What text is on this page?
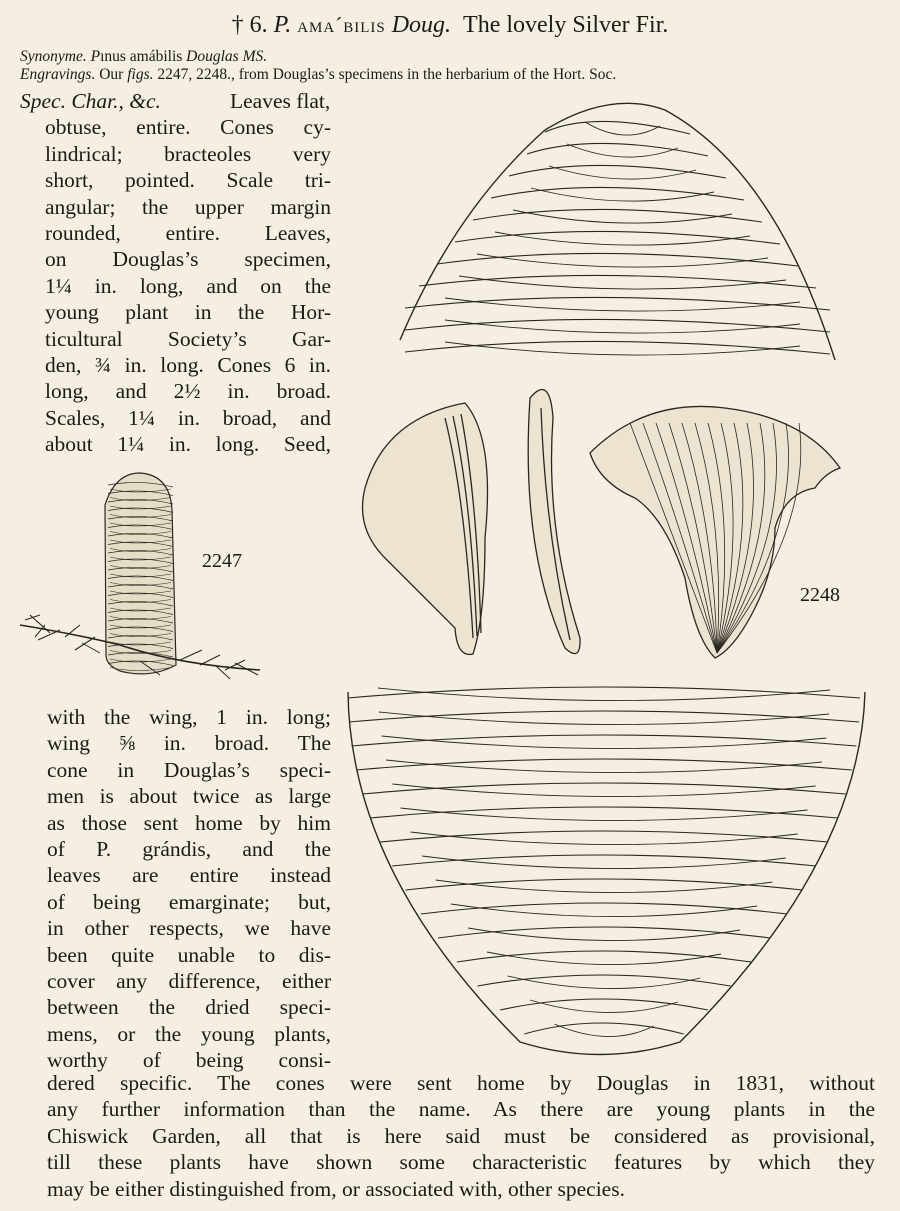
† 6. P. amaˊbilis Doug. The lovely Silver Fir.
Synonyme. Pınus amábilis Douglas MS.
Engravings. Our figs. 2247, 2248., from Douglas’s specimens in the herbarium of the Hort. Soc.
Spec. Char., &c.	Leaves flat,
obtuse, entire. Cones cy-
lindrical; bracteoles very
short, pointed. Scale tri-
angular; the upper margin
rounded, entire. Leaves,
on Douglas’s specimen,
1¼ in. long, and on the
young plant in the Hor-
ticultural Society’s Gar-
den, ¾ in. long. Cones 6 in.
long, and 2½ in. broad.
Scales, 1¼ in. broad, and
about 1¼ in. long. Seed,
with the wing, 1 in. long;
wing ⅝ in. broad. The
cone in Douglas’s speci-
men is about twice as large
as those sent home by him
of P. grándis, and the
leaves are entire instead
of being emarginate; but,
in other respects, we have
been quite unable to dis-
cover any difference, either
between the dried speci-
mens, or the young plants,
worthy of being consi-
dered specific. The cones were sent home by Douglas in 1831, without
any further information than the name. As there are young plants in the
Chiswick Garden, all that is here said must be considered as provisional,
till these plants have shown some characteristic features by which they
may be either distinguished from, or associated with, other species.
2247
2248
